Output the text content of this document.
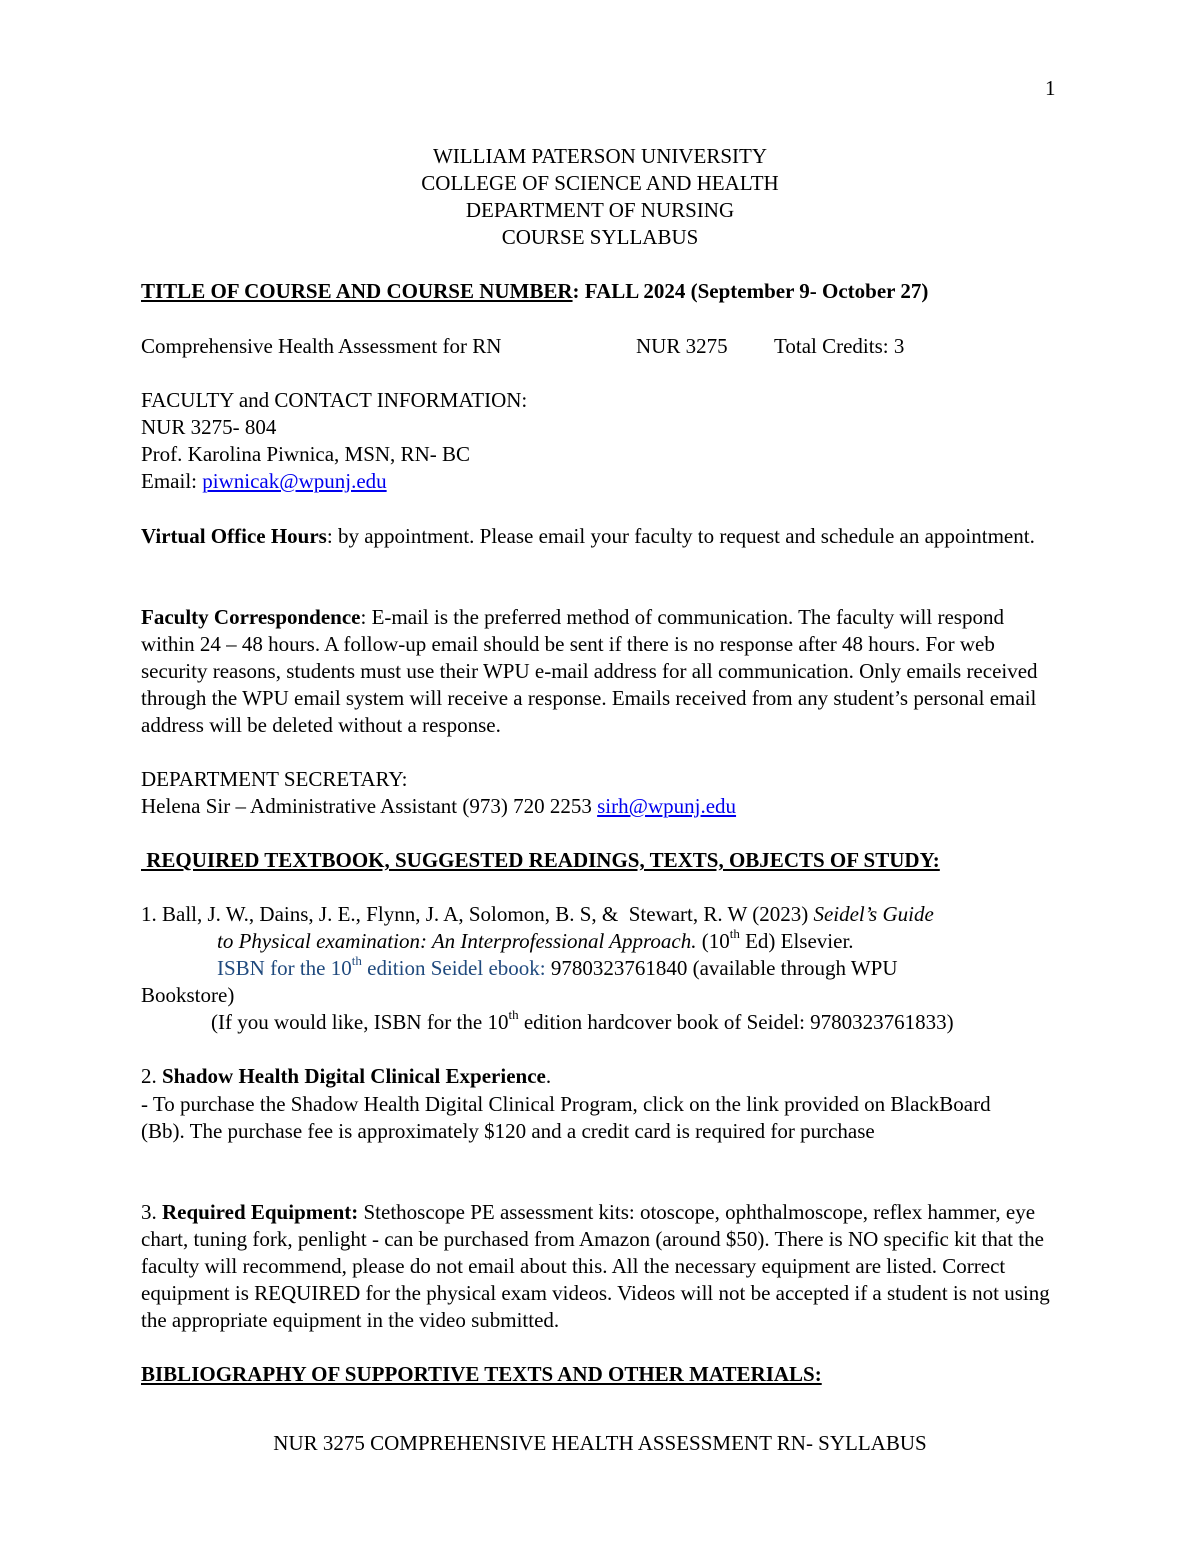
1
WILLIAM PATERSON UNIVERSITY
COLLEGE OF SCIENCE AND HEALTH
DEPARTMENT OF NURSING
COURSE SYLLABUS
TITLE OF COURSE AND COURSE NUMBER: FALL 2024 (September 9- October 27)
Comprehensive Health Assessment for RN	NUR 3275 Total Credits: 3
FACULTY and CONTACT INFORMATION:
NUR 3275- 804
Prof. Karolina Piwnica, MSN, RN- BC
Email: piwnicak@wpunj.edu
Virtual Office Hours: by appointment. Please email your faculty to request and schedule an appointment.
Faculty Correspondence: E-mail is the preferred method of communication. The faculty will respond within 24 – 48 hours. A follow-up email should be sent if there is no response after 48 hours. For web security reasons, students must use their WPU e-mail address for all communication. Only emails received through the WPU email system will receive a response. Emails received from any student’s personal email address will be deleted without a response.
DEPARTMENT SECRETARY:
Helena Sir – Administrative Assistant (973) 720 2253 sirh@wpunj.edu
REQUIRED TEXTBOOK, SUGGESTED READINGS, TEXTS, OBJECTS OF STUDY:
1. Ball, J. W., Dains, J. E., Flynn, J. A, Solomon, B. S, &  Stewart, R. W (2023) Seidel’s Guide
to Physical examination: An Interprofessional Approach. (10th Ed) Elsevier.
ISBN for the 10th edition Seidel ebook: 9780323761840 (available through WPU
Bookstore)
(If you would like, ISBN for the 10th edition hardcover book of Seidel: 9780323761833)
2. Shadow Health Digital Clinical Experience.
- To purchase the Shadow Health Digital Clinical Program, click on the link provided on BlackBoard (Bb). The purchase fee is approximately $120 and a credit card is required for purchase
3. Required Equipment: Stethoscope PE assessment kits: otoscope, ophthalmoscope, reflex hammer, eye chart, tuning fork, penlight - can be purchased from Amazon (around $50). There is NO specific kit that the faculty will recommend, please do not email about this. All the necessary equipment are listed. Correct equipment is REQUIRED for the physical exam videos. Videos will not be accepted if a student is not using the appropriate equipment in the video submitted.
BIBLIOGRAPHY OF SUPPORTIVE TEXTS AND OTHER MATERIALS:
NUR 3275 COMPREHENSIVE HEALTH ASSESSMENT RN- SYLLABUS
